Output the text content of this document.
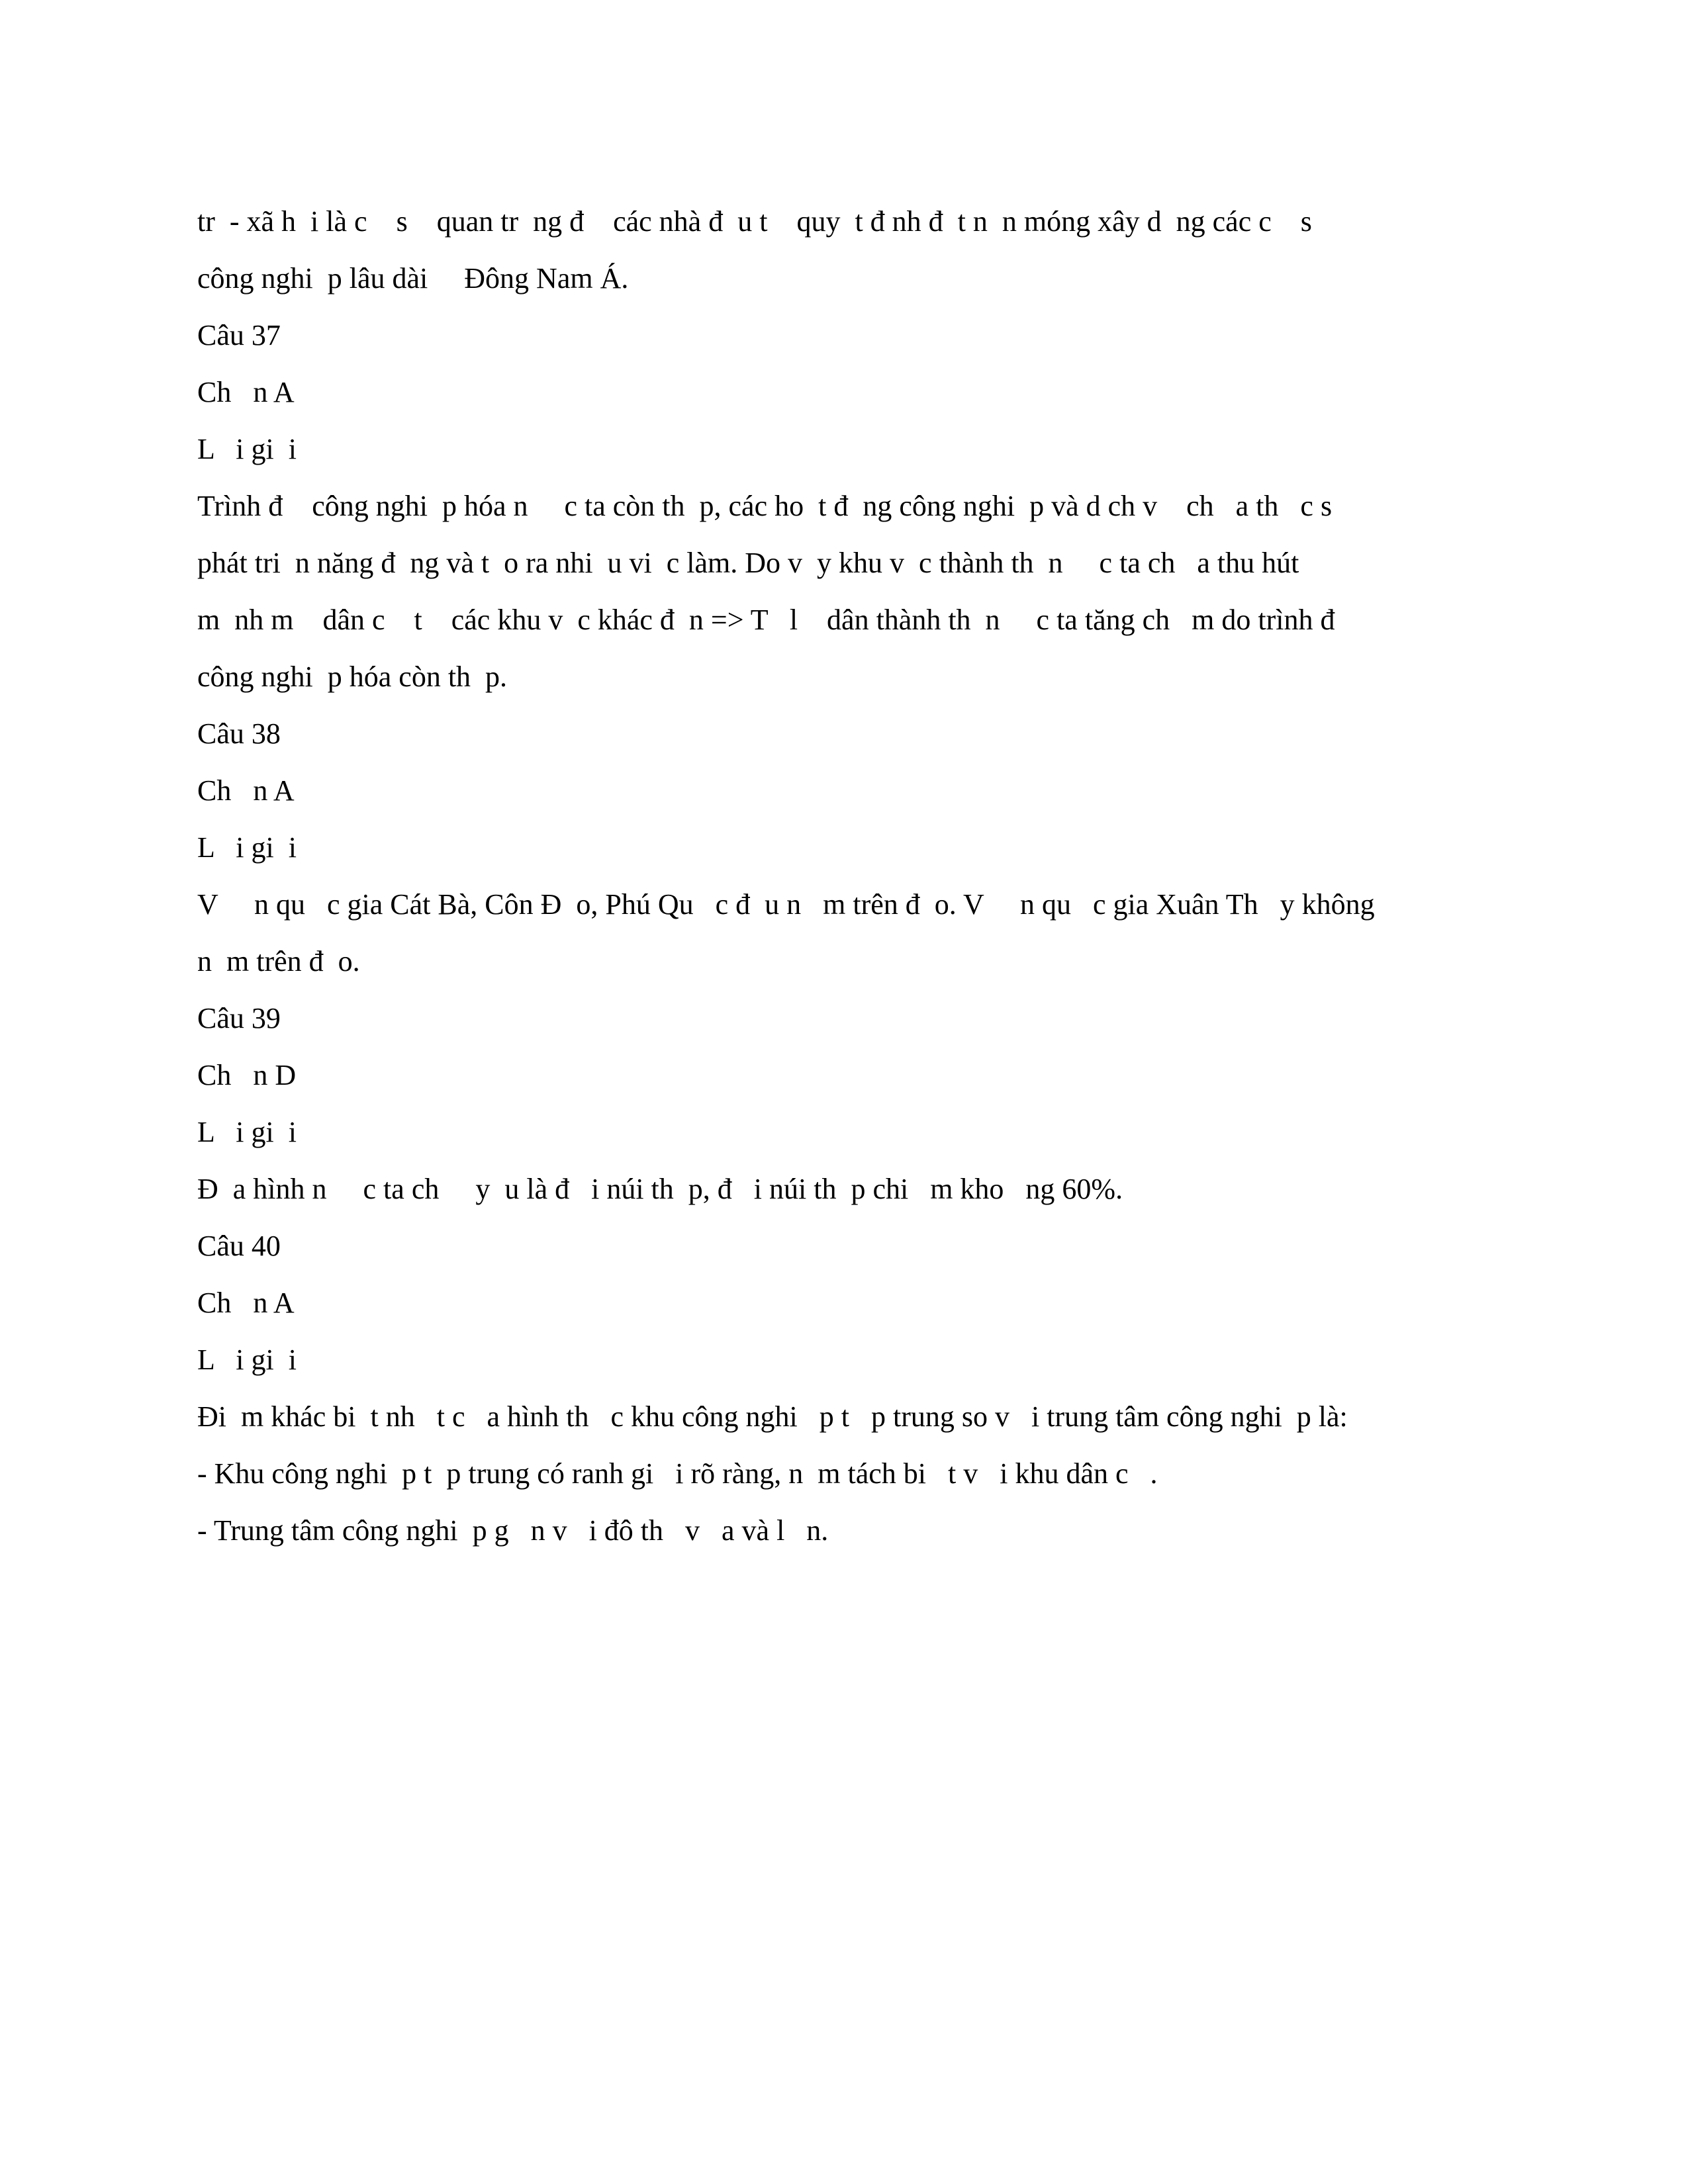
tr  - xã h  i là c    s    quan tr  ng đ    các nhà đ  u t    quy  t đ nh đ  t n  n móng xây d  ng các c    s
công nghi  p lâu dài     Đông Nam Á.
Câu 37
Ch   n A
L   i gi  i
Trình đ    công nghi  p hóa n     c ta còn th  p, các ho  t đ  ng công nghi  p và d ch v    ch   a th   c s
phát tri  n năng đ  ng và t  o ra nhi  u vi  c làm. Do v  y khu v  c thành th  n     c ta ch   a thu hút
m  nh m    dân c    t    các khu v  c khác đ  n => T   l    dân thành th  n     c ta tăng ch   m do trình đ
công nghi  p hóa còn th  p.
Câu 38
Ch   n A
L   i gi  i
V     n qu   c gia Cát Bà, Côn Đ  o, Phú Qu   c đ  u n   m trên đ  o. V     n qu   c gia Xuân Th   y không
n  m trên đ  o.
Câu 39
Ch   n D
L   i gi  i
Đ  a hình n     c ta ch     y  u là đ   i núi th  p, đ   i núi th  p chi   m kho   ng 60%.
Câu 40
Ch   n A
L   i gi  i
Đi  m khác bi  t nh   t c   a hình th   c khu công nghi   p t   p trung so v   i trung tâm công nghi  p là:
- Khu công nghi  p t  p trung có ranh gi   i rõ ràng, n  m tách bi   t v   i khu dân c   .
- Trung tâm công nghi  p g   n v   i đô th   v   a và l   n.
